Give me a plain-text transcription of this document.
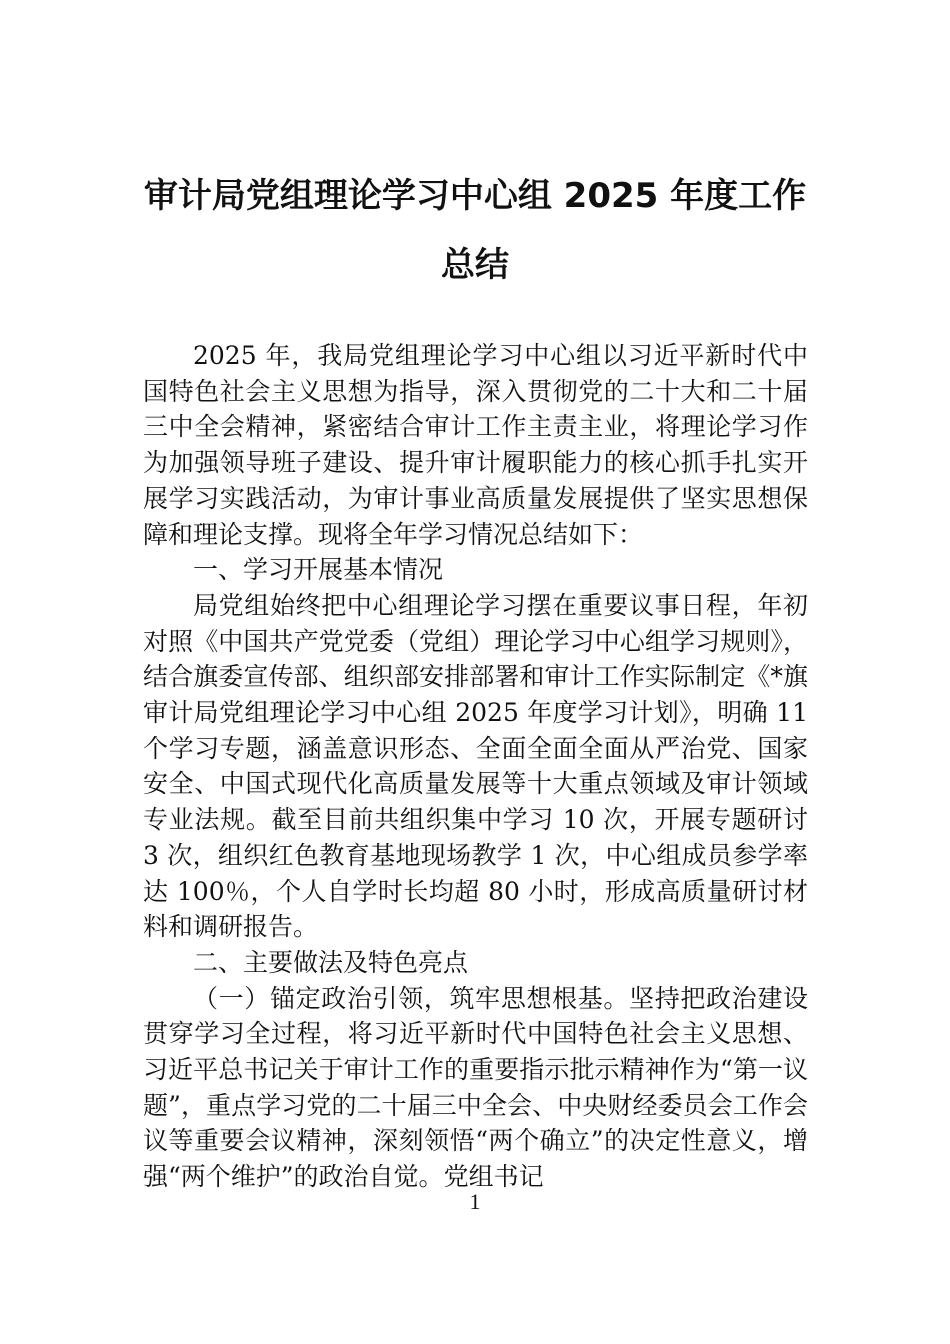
审计局党组理论学习中心组 2025 年度工作
总结

2025 年，我局党组理论学习中心组以习近平新时代中国特色社会主义思想为指导，深入贯彻党的二十大和二十届三中全会精神，紧密结合审计工作主责主业，将理论学习作为加强领导班子建设、提升审计履职能力的核心抓手扎实开展学习实践活动，为审计事业高质量发展提供了坚实思想保障和理论支撑。现将全年学习情况总结如下：

一、学习开展基本情况

局党组始终把中心组理论学习摆在重要议事日程，年初对照《中国共产党党委（党组）理论学习中心组学习规则》，结合旗委宣传部、组织部安排部署和审计工作实际制定《*旗审计局党组理论学习中心组 2025 年度学习计划》，明确 11 个学习专题，涵盖意识形态、全面全面全面从严治党、国家安全、中国式现代化高质量发展等十大重点领域及审计领域专业法规。截至目前共组织集中学习 10 次，开展专题研讨 3 次，组织红色教育基地现场教学 1 次，中心组成员参学率达 100％，个人自学时长均超 80 小时，形成高质量研讨材料和调研报告。

二、主要做法及特色亮点

（一）锚定政治引领，筑牢思想根基。坚持把政治建设贯穿学习全过程，将习近平新时代中国特色社会主义思想、习近平总书记关于审计工作的重要指示批示精神作为“第一议题”，重点学习党的二十届三中全会、中央财经委员会工作会议等重要会议精神，深刻领悟“两个确立”的决定性意义，增强“两个维护”的政治自觉。党组书记

1
